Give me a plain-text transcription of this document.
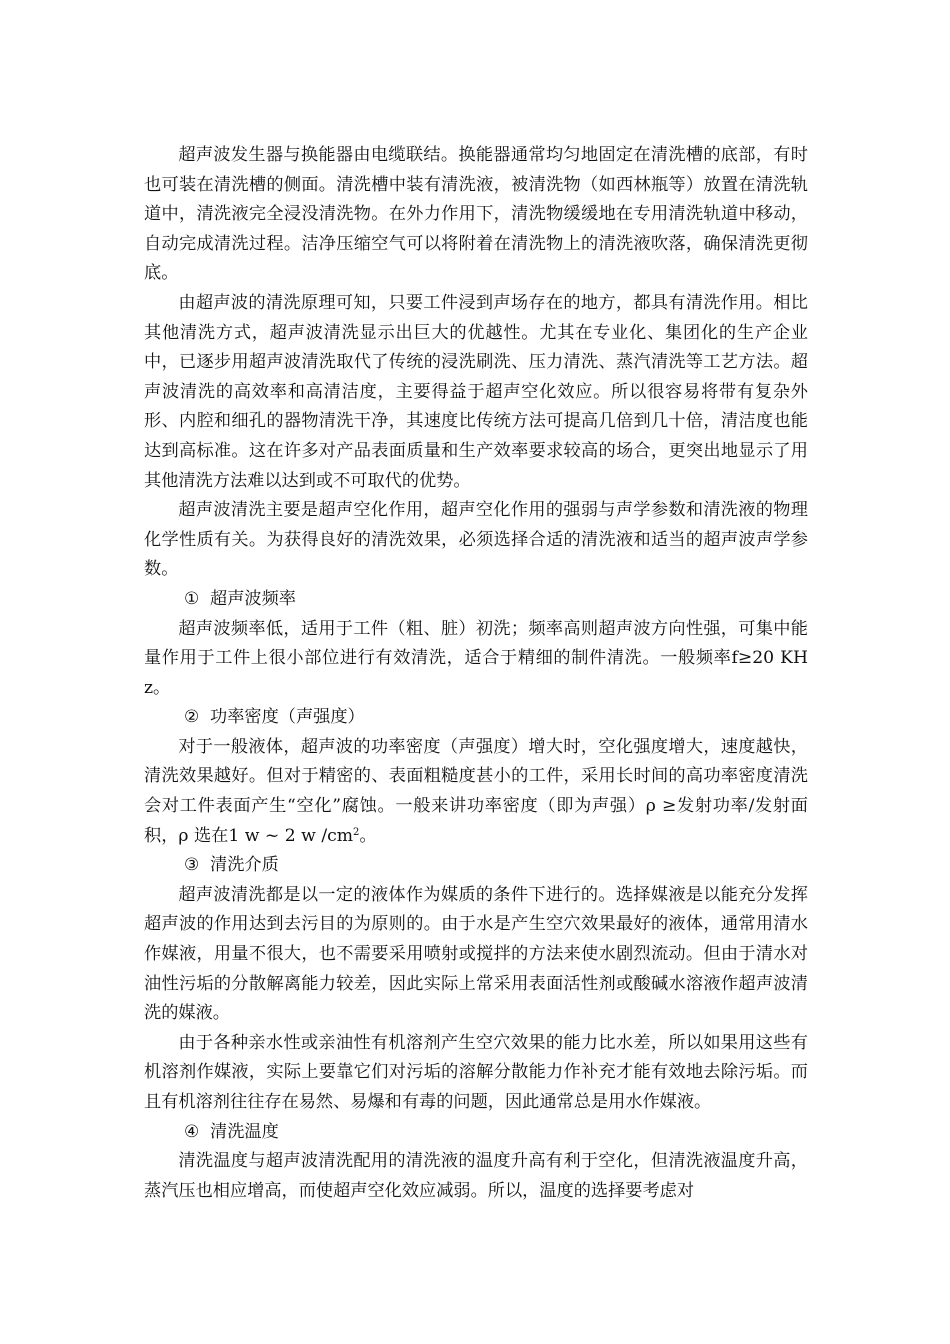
超声波发生器与换能器由电缆联结。换能器通常均匀地固定在清洗槽的底部，有时也可装在清洗槽的侧面。清洗槽中装有清洗液，被清洗物（如西林瓶等）放置在清洗轨道中，清洗液完全浸没清洗物。在外力作用下，清洗物缓缓地在专用清洗轨道中移动，自动完成清洗过程。洁净压缩空气可以将附着在清洗物上的清洗液吹落，确保清洗更彻底。

由超声波的清洗原理可知，只要工件浸到声场存在的地方，都具有清洗作用。相比其他清洗方式，超声波清洗显示出巨大的优越性。尤其在专业化、集团化的生产企业中，已逐步用超声波清洗取代了传统的浸洗刷洗、压力清洗、蒸汽清洗等工艺方法。超声波清洗的高效率和高清洁度，主要得益于超声空化效应。所以很容易将带有复杂外形、内腔和细孔的器物清洗干净，其速度比传统方法可提高几倍到几十倍，清洁度也能达到高标准。这在许多对产品表面质量和生产效率要求较高的场合，更突出地显示了用其他清洗方法难以达到或不可取代的优势。

超声波清洗主要是超声空化作用，超声空化作用的强弱与声学参数和清洗液的物理化学性质有关。为获得良好的清洗效果，必须选择合适的清洗液和适当的超声波声学参数。

① 超声波频率

超声波频率低，适用于工件（粗、脏）初洗；频率高则超声波方向性强，可集中能量作用于工件上很小部位进行有效清洗，适合于精细的制件清洗。一般频率f≥20 KH z。

② 功率密度（声强度）

对于一般液体，超声波的功率密度（声强度）增大时，空化强度增大，速度越快，清洗效果越好。但对于精密的、表面粗糙度甚小的工件，采用长时间的高功率密度清洗会对工件表面产生“空化”腐蚀。一般来讲功率密度（即为声强）ρ ≥发射功率/发射面积，ρ 选在1 w ~ 2 w $/cm^2$。

③ 清洗介质

超声波清洗都是以一定的液体作为媒质的条件下进行的。选择媒液是以能充分发挥超声波的作用达到去污目的为原则的。由于水是产生空穴效果最好的液体，通常用清水作媒液，用量不很大，也不需要采用喷射或搅拌的方法来使水剧烈流动。但由于清水对油性污垢的分散解离能力较差，因此实际上常采用表面活性剂或酸碱水溶液作超声波清洗的媒液。

由于各种亲水性或亲油性有机溶剂产生空穴效果的能力比水差，所以如果用这些有机溶剂作媒液，实际上要靠它们对污垢的溶解分散能力作补充才能有效地去除污垢。而且有机溶剂往往存在易然、易爆和有毒的问题，因此通常总是用水作媒液。

④ 清洗温度

清洗温度与超声波清洗配用的清洗液的温度升高有利于空化，但清洗液温度升高，蒸汽压也相应增高，而使超声空化效应减弱。所以，温度的选择要考虑对
